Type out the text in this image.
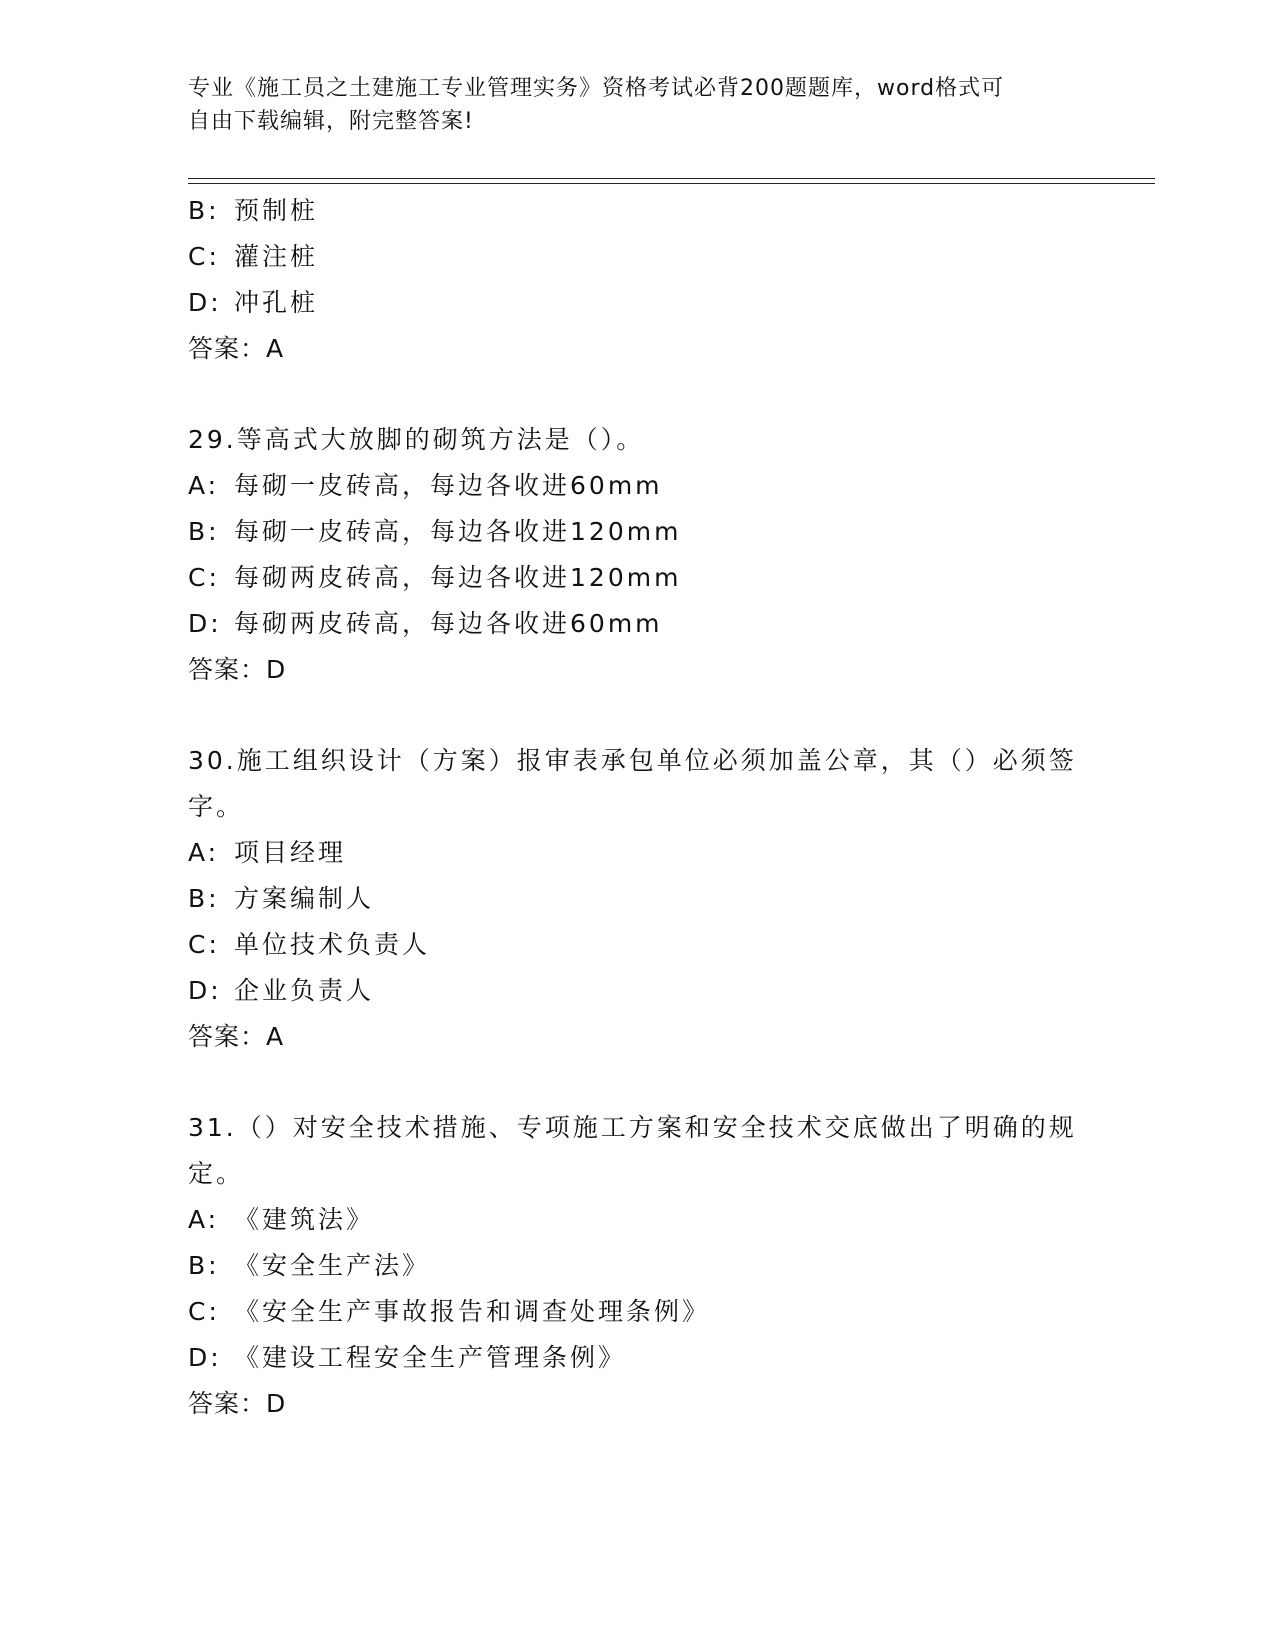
专业《施工员之土建施工专业管理实务》资格考试必背200题题库，word格式可
自由下载编辑，附完整答案!
B: 预制桩
C: 灌注桩
D: 冲孔桩
答案：A
29.等高式大放脚的砌筑方法是（）。
A: 每砌一皮砖高，每边各收进60mm
B: 每砌一皮砖高，每边各收进120mm
C: 每砌两皮砖高，每边各收进120mm
D: 每砌两皮砖高，每边各收进60mm
答案：D
30.施工组织设计（方案）报审表承包单位必须加盖公章，其（）必须签字。
A: 项目经理
B: 方案编制人
C: 单位技术负责人
D: 企业负责人
答案：A
31.（）对安全技术措施、专项施工方案和安全技术交底做出了明确的规定。
A: 《建筑法》
B: 《安全生产法》
C: 《安全生产事故报告和调查处理条例》
D: 《建设工程安全生产管理条例》
答案：D
